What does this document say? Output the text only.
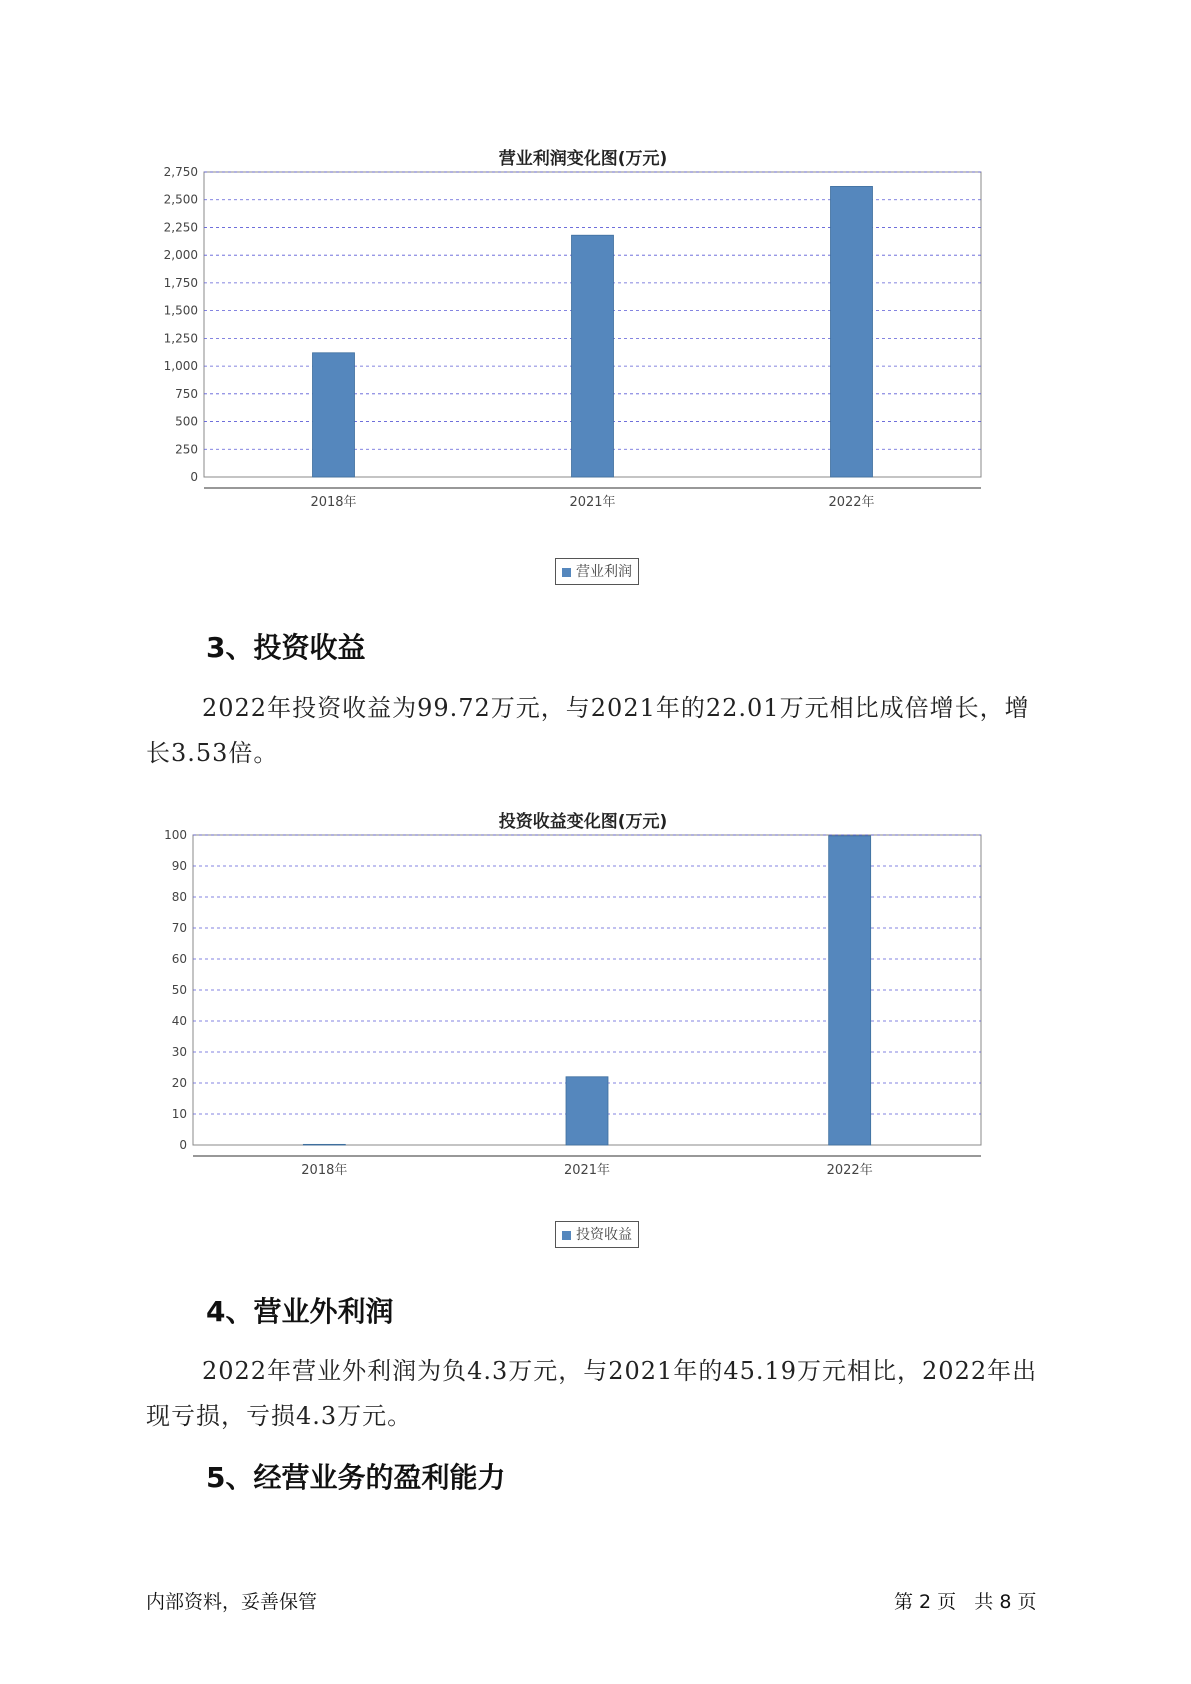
营业利润变化图(万元)
0
250
500
750
1,000
1,250
1,500
1,750
2,000
2,250
2,500
2,750
2018年	2021年	2022年
营业利润
3、投资收益

2022年投资收益为99.72万元，与2021年的22.01万元相比成倍增长，增长3.53倍。

投资收益变化图(万元)
0
10
20
30
40
50
60
70
80
90
100
2018年	2021年	2022年
投资收益
4、营业外利润

2022年营业外利润为负4.3万元，与2021年的45.19万元相比，2022年出现亏损，亏损4.3万元。

5、经营业务的盈利能力
内部资料，妥善保管	第 2 页   共 8 页
